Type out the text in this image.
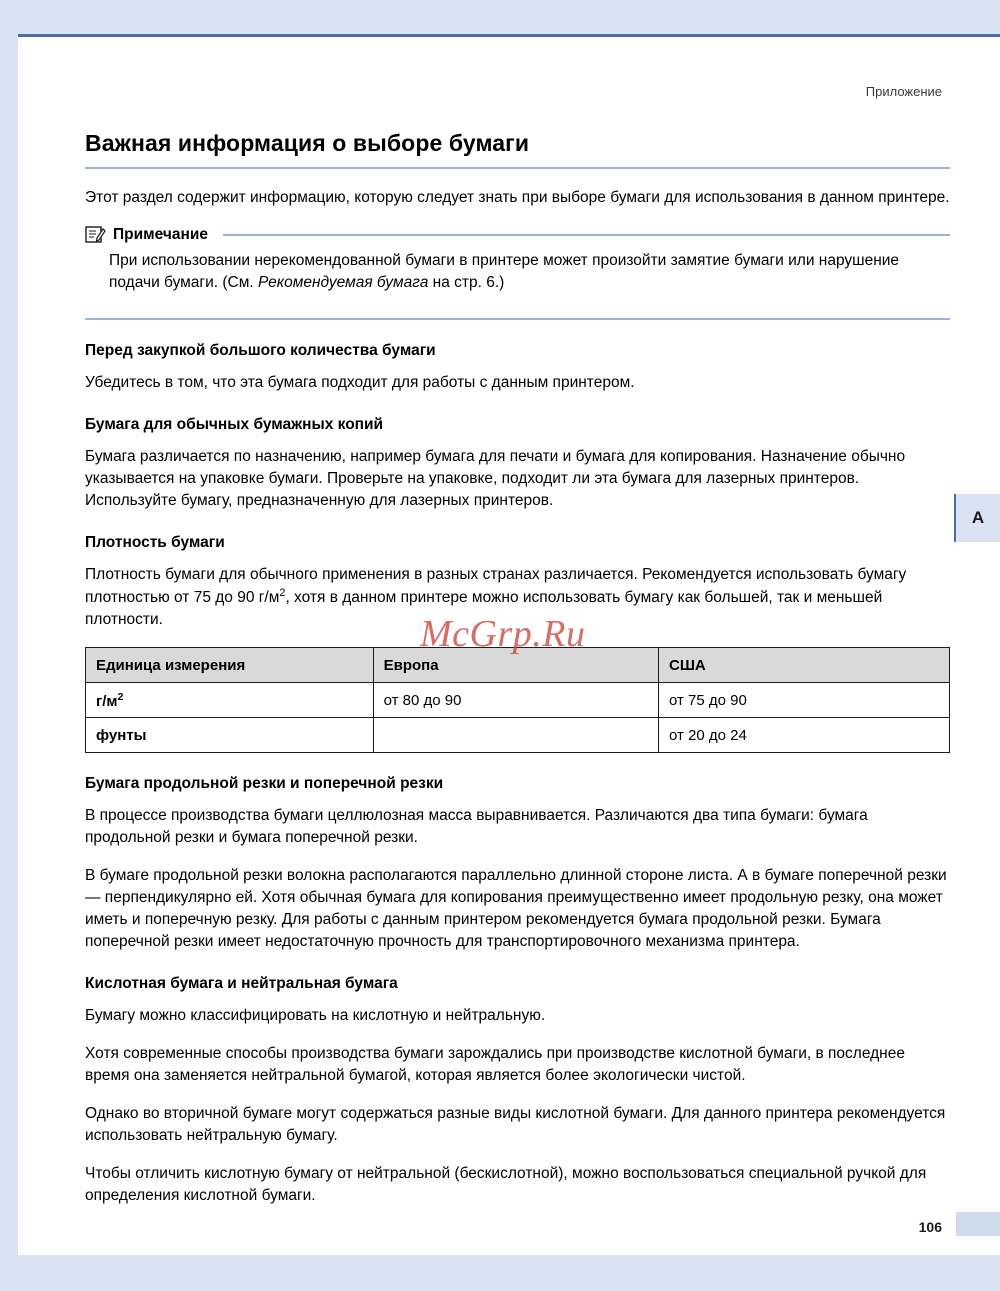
Приложение
A
Важная информация о выборе бумаги

Этот раздел содержит информацию, которую следует знать при выборе бумаги для использования в данном принтере.

Примечание
При использовании нерекомендованной бумаги в принтере может произойти замятие бумаги или нарушение подачи бумаги. (См. Рекомендуемая бумага на стр. 6.)
Перед закупкой большого количества бумаги

Убедитесь в том, что эта бумага подходит для работы с данным принтером.

Бумага для обычных бумажных копий

Бумага различается по назначению, например бумага для печати и бумага для копирования. Назначение обычно указывается на упаковке бумаги. Проверьте на упаковке, подходит ли эта бумага для лазерных принтеров. Используйте бумагу, предназначенную для лазерных принтеров.

Плотность бумаги

Плотность бумаги для обычного применения в разных странах различается. Рекомендуется использовать бумагу плотностью от 75 до 90 $г/м^2$, хотя в данном принтере можно использовать бумагу как большей, так и меньшей плотности.

Единица измерения	Европа	США
$г/м^2$	от 80 до 90	от 75 до 90
фунты		от 20 до 24
Бумага продольной резки и поперечной резки

В процессе производства бумаги целлюлозная масса выравнивается. Различаются два типа бумаги: бумага продольной резки и бумага поперечной резки.

В бумаге продольной резки волокна располагаются параллельно длинной стороне листа. А в бумаге поперечной резки — перпендикулярно ей. Хотя обычная бумага для копирования преимущественно имеет продольную резку, она может иметь и поперечную резку. Для работы с данным принтером рекомендуется бумага продольной резки. Бумага поперечной резки имеет недостаточную прочность для транспортировочного механизма принтера.

Кислотная бумага и нейтральная бумага

Бумагу можно классифицировать на кислотную и нейтральную.

Хотя современные способы производства бумаги зарождались при производстве кислотной бумаги, в последнее время она заменяется нейтральной бумагой, которая является более экологически чистой.

Однако во вторичной бумаге могут содержаться разные виды кислотной бумаги. Для данного принтера рекомендуется использовать нейтральную бумагу.

Чтобы отличить кислотную бумагу от нейтральной (бескислотной), можно воспользоваться специальной ручкой для определения кислотной бумаги.

McGrp.Ru
106
